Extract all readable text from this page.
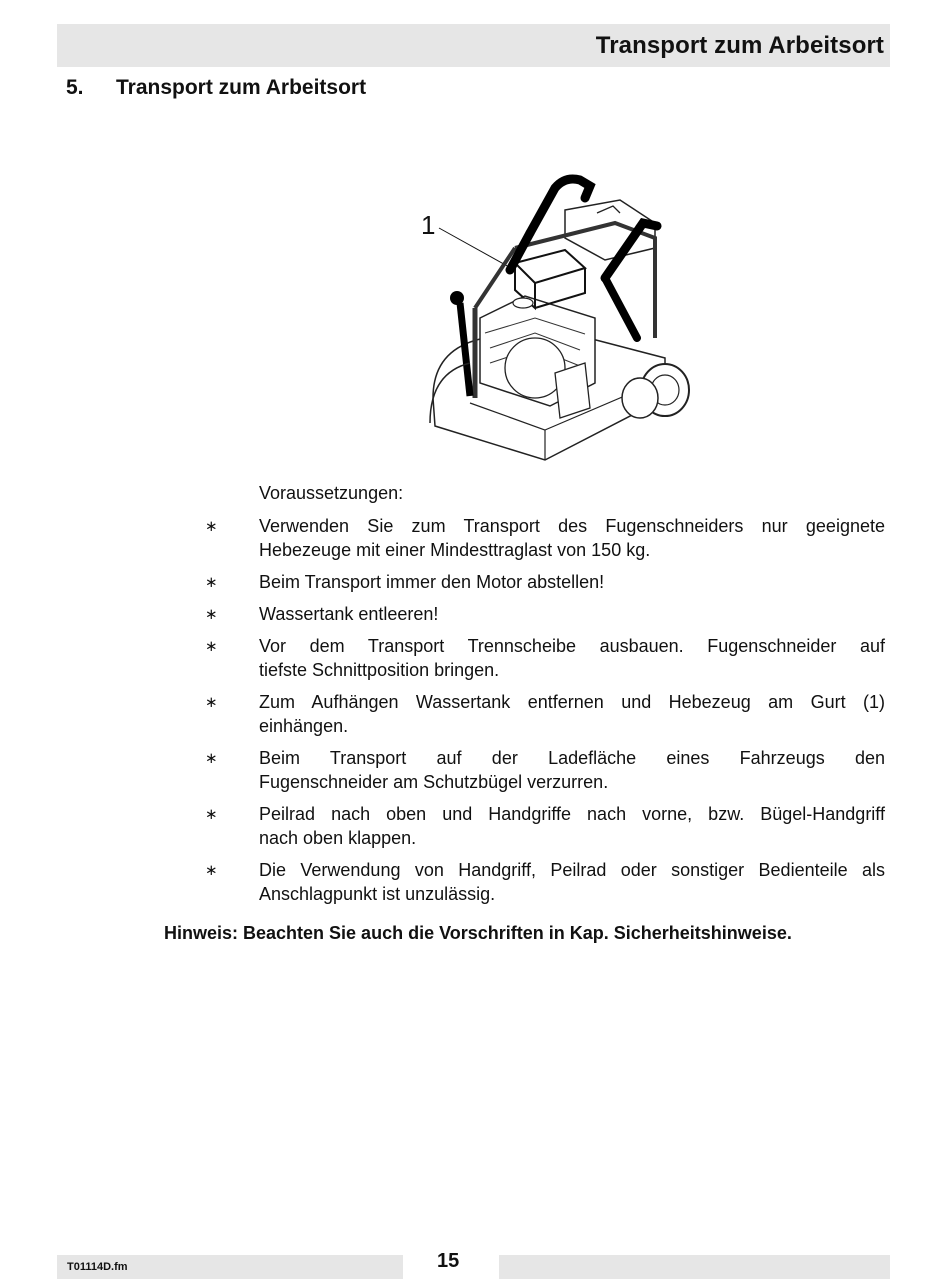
Transport zum Arbeitsort
5. Transport zum Arbeitsort
1
Voraussetzungen:
∗	Verwenden Sie zum Transport des Fugenschneiders nur geeignete
Hebezeuge mit einer Mindesttraglast von 150 kg.
∗	Beim Transport immer den Motor abstellen!
∗	Wassertank entleeren!
∗	Vor dem Transport Trennscheibe ausbauen. Fugenschneider auf
tiefste Schnittposition bringen.
∗	Zum Aufhängen Wassertank entfernen und Hebezeug am Gurt (1)
einhängen.
∗	Beim Transport auf der Ladefläche eines Fahrzeugs den
Fugenschneider am Schutzbügel verzurren.
∗	Peilrad nach oben und Handgriffe nach vorne, bzw. Bügel-Handgriff
nach oben klappen.
∗	Die Verwendung von Handgriff, Peilrad oder sonstiger Bedienteile als
Anschlagpunkt ist unzulässig.
Hinweis: Beachten Sie auch die Vorschriften in Kap. Sicherheitshinweise.
T01114D.fm	15
